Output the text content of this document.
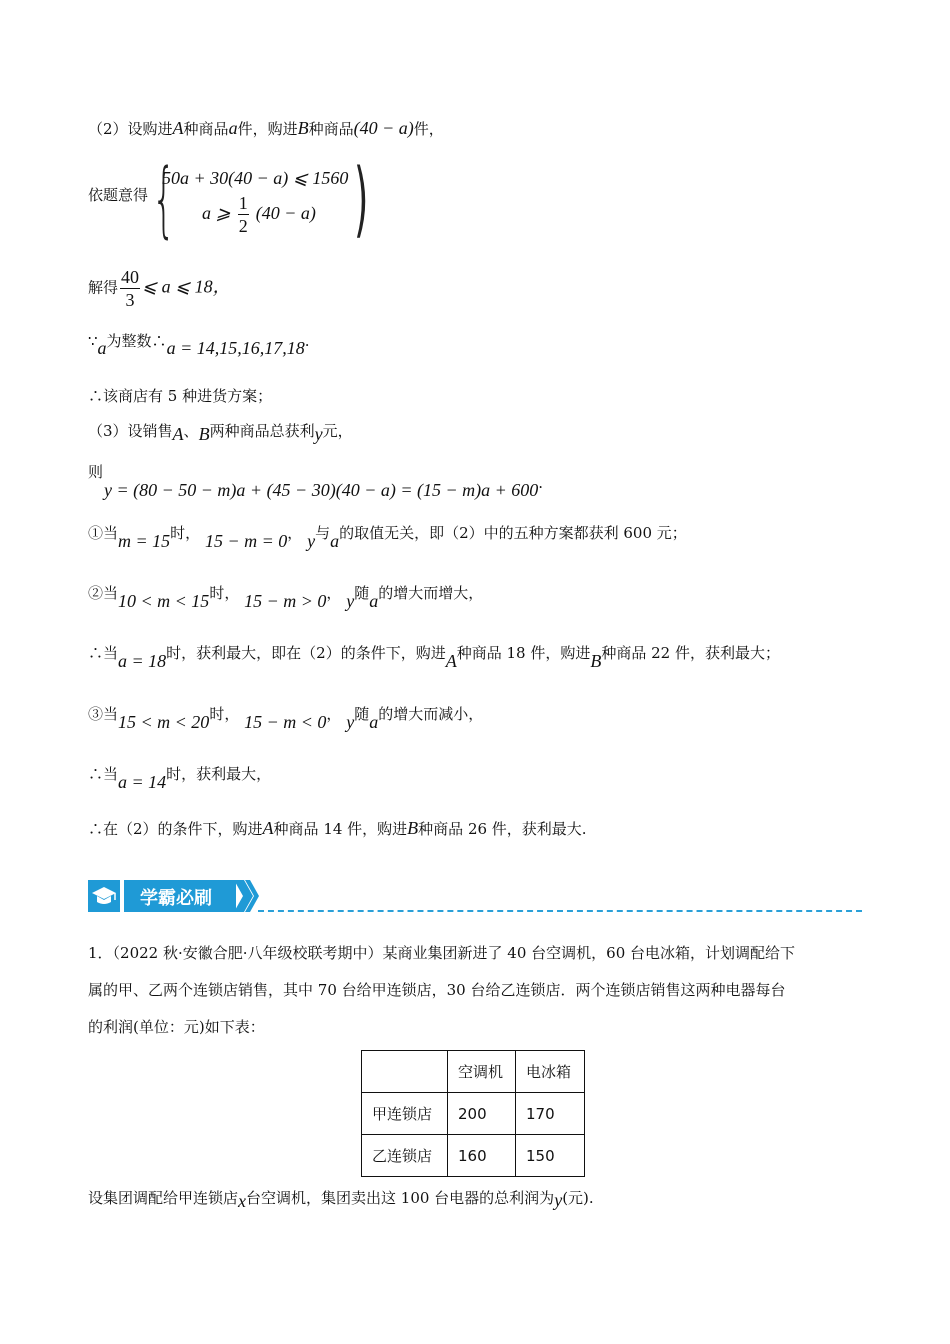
（2）设购进A种商品a件，购进B种商品(40 − a)件，
依题意得 {
50a + 30(40 − a) ⩽ 1560
a ⩾ $\frac{1}{2} (40 - a)$ )
解得 $\frac{40}{3}$ ⩽ a ⩽ 18，
∵a为整数∴a = 14,15,16,17,18.
∴该商店有 5 种进货方案；
（3）设销售A、B两种商品总获利y元，
则
y = (80 − 50 − m)a + (45 − 30)(40 − a) = (15 − m)a + 600.
①当m = 15时， 15 − m = 0， y与a的取值无关，即（2）中的五种方案都获利 600 元；
②当10 < m < 15时， 15 − m > 0， y随a的增大而增大，
∴当a = 18时，获利最大，即在（2）的条件下，购进A种商品 18 件，购进B种商品 22 件，获利最大；
③当15 < m < 20时， 15 − m < 0， y随a的增大而减小，
∴当a = 14时，获利最大，
∴在（2）的条件下，购进A种商品 14 件，购进B种商品 26 件，获利最大.
学霸必刷
1．（2022 秋·安徽合肥·八年级校联考期中）某商业集团新进了 40 台空调机，60 台电冰箱，计划调配给下
属的甲、乙两个连锁店销售，其中 70 台给甲连锁店，30 台给乙连锁店．两个连锁店销售这两种电器每台
的利润(单位：元)如下表：
	空调机	电冰箱
甲连锁店	200	170
乙连锁店	160	150
设集团调配给甲连锁店x台空调机，集团卖出这 100 台电器的总利润为y(元).
